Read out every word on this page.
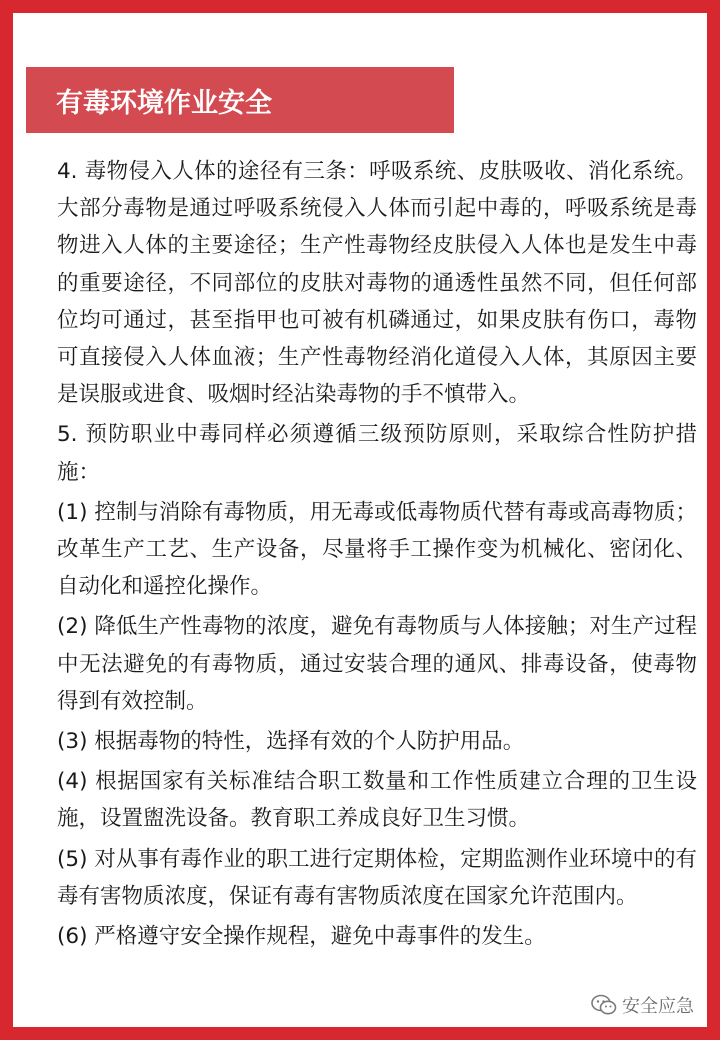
有毒环境作业安全

4. 毒物侵入人体的途径有三条：呼吸系统、皮肤吸收、消化系统。大部分毒物是通过呼吸系统侵入人体而引起中毒的，呼吸系统是毒物进入人体的主要途径；生产性毒物经皮肤侵入人体也是发生中毒的重要途径，不同部位的皮肤对毒物的通透性虽然不同，但任何部位均可通过，甚至指甲也可被有机磷通过，如果皮肤有伤口，毒物可直接侵入人体血液；生产性毒物经消化道侵入人体，其原因主要是误服或进食、吸烟时经沾染毒物的手不慎带入。

5. 预防职业中毒同样必须遵循三级预防原则，采取综合性防护措施：

(1) 控制与消除有毒物质，用无毒或低毒物质代替有毒或高毒物质；改革生产工艺、生产设备，尽量将手工操作变为机械化、密闭化、自动化和遥控化操作。

(2) 降低生产性毒物的浓度，避免有毒物质与人体接触；对生产过程中无法避免的有毒物质，通过安装合理的通风、排毒设备，使毒物得到有效控制。

(3) 根据毒物的特性，选择有效的个人防护用品。

(4) 根据国家有关标准结合职工数量和工作性质建立合理的卫生设施，设置盥洗设备。教育职工养成良好卫生习惯。

(5) 对从事有毒作业的职工进行定期体检，定期监测作业环境中的有毒有害物质浓度，保证有毒有害物质浓度在国家允许范围内。

(6) 严格遵守安全操作规程，避免中毒事件的发生。

安全应急
